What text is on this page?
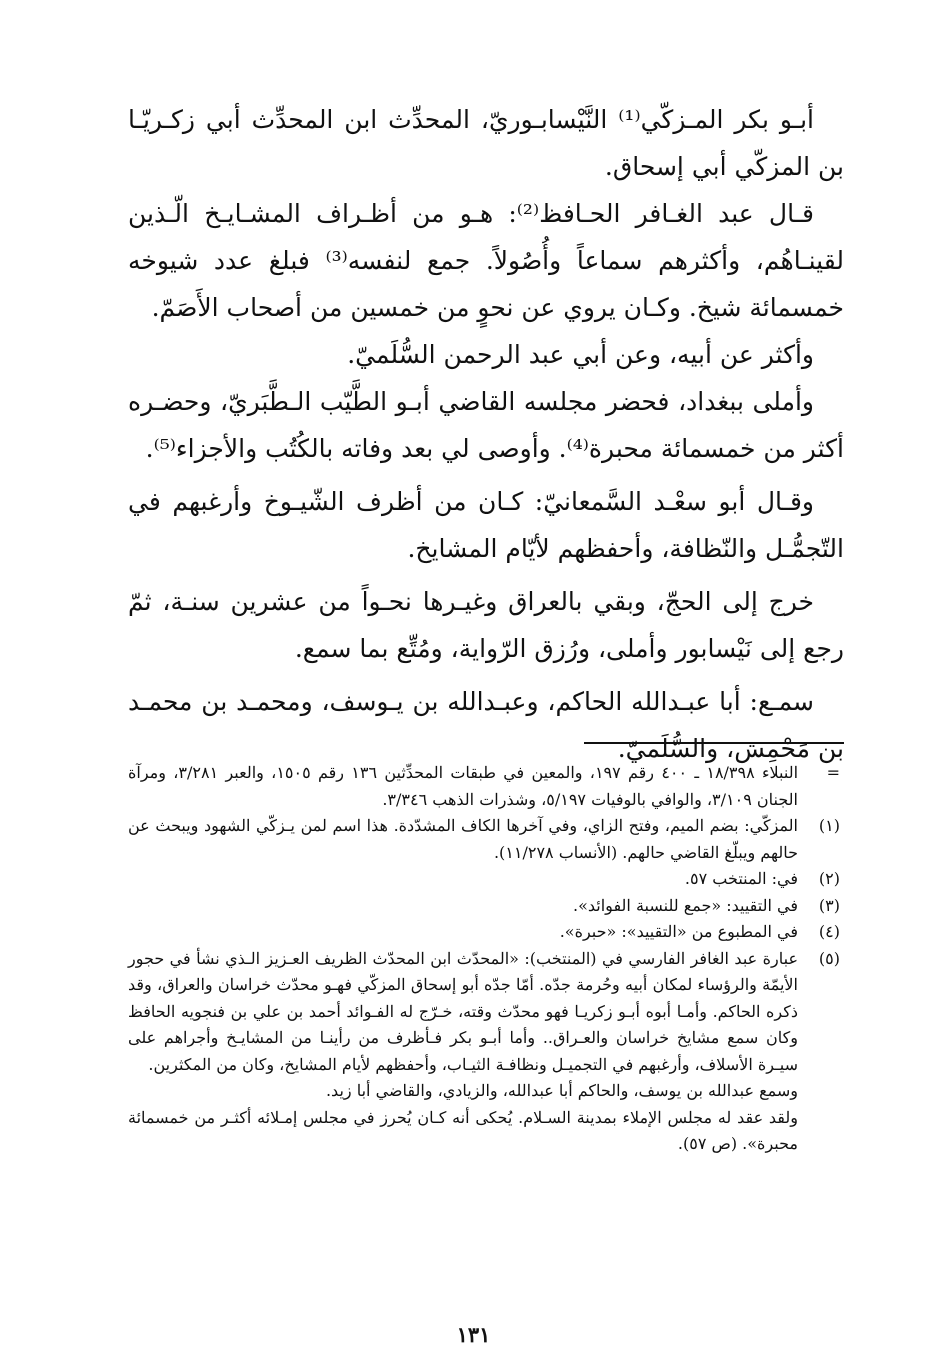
أبـو بكر المـزكّي⁽¹⁾ النَّيْسابـوريّ، المحدِّث ابن المحدِّث أبي زكـريّـا بن المزكّي أبي إسحاق.

قـال عبد الغـافر الحـافظ⁽²⁾: هـو من أظـراف المشـايـخ الّـذين لقينـاهُم، وأكثرهم سماعاً وأُصُولاً. جمع لنفسه⁽³⁾ فبلغ عدد شيوخه خمسمائة شيخ. وكـان يروي عن نحوٍ من خمسين من أصحاب الأَصَمّ.

وأكثر عن أبيه، وعن أبي عبد الرحمن السُّلَميّ.

وأملى ببغداد، فحضر مجلسه القاضي أبـو الطَّيّب الـطَّبَريّ، وحضـره أكثر من خمسمائة محبرة⁽⁴⁾. وأوصى لي بعد وفاته بالكُتُب والأجزاء⁽⁵⁾.

وقـال أبو سعْـد السَّمعانيّ: كـان من أظرف الشّيـوخ وأرغبهم في التّجمُّـل والنّظافة، وأحفظهم لأيّام المشايخ.

خرج إلى الحجّ، وبقي بالعراق وغيـرها نحـواً من عشرين سنـة، ثمّ رجع إلى نَيْسابور وأملى، ورُزق الرّواية، ومُتِّع بما سمع.

سمـع: أبا عبـدالله الحاكم، وعبـدالله بن يـوسف، ومحمـد بن محمـد بن مَحْمِش، والسُّلَميّ.

=
النبلاء ١٨/٣٩٨ ـ ٤٠٠ رقم ١٩٧، والمعين في طبقات المحدِّثين ١٣٦ رقم ١٥٠٥، والعبر ٣/٢٨١، ومرآة الجنان ٣/١٠٩، والوافي بالوفيات ٥/١٩٧، وشذرات الذهب ٣/٣٤٦.
(١)
المزكّي: بضم الميم، وفتح الزاي، وفي آخرها الكاف المشدّدة. هذا اسم لمن يـزكّي الشهود ويبحث عن حالهم ويبلّغ القاضي حالهم. (الأنساب ١١/٢٧٨).
(٢)
في: المنتخب ٥٧.
(٣)
في التقييد: «جمع للنسبة الفوائد».
(٤)
في المطبوع من «التقييد»: «حبرة».
(٥)

عبارة عبد الغافر الفارسي في (المنتخب): «المحدّث ابن المحدّث الظريف العـزيز الـذي نشأ في حجور الأيمّة والرؤساء لمكان أبيه وحُرمة جدّه. أمّا جدّه أبو إسحاق المزكّي فهـو محدّث خراسان والعراق، وقد ذكره الحاكم. وأمـا أبوه أبـو زكريـا فهو محدّث وقته، خـرّج له الفـوائد أحمد بن علي بن فنجويه الحافظ وكان سمع مشايخ خراسان والعـراق.. وأما أبـو بكر فـأظرف من رأينـا من المشايـخ وأجراهم على سيـرة الأسلاف، وأرغبهم في التجميـل ونظافـة الثيـاب، وأحفظهم لأيام المشايخ، وكان من المكثرين.

وسمع عبدالله بن يوسف، والحاكم أبا عبدالله، والزيادي، والقاضي أبا زيد.

ولقد عقد له مجلس الإملاء بمدينة السـلام. يُحكى أنه كـان يُحرز في مجلس إمـلائه أكثـر من خمسمائة محبرة». (ص ٥٧).

١٣١
